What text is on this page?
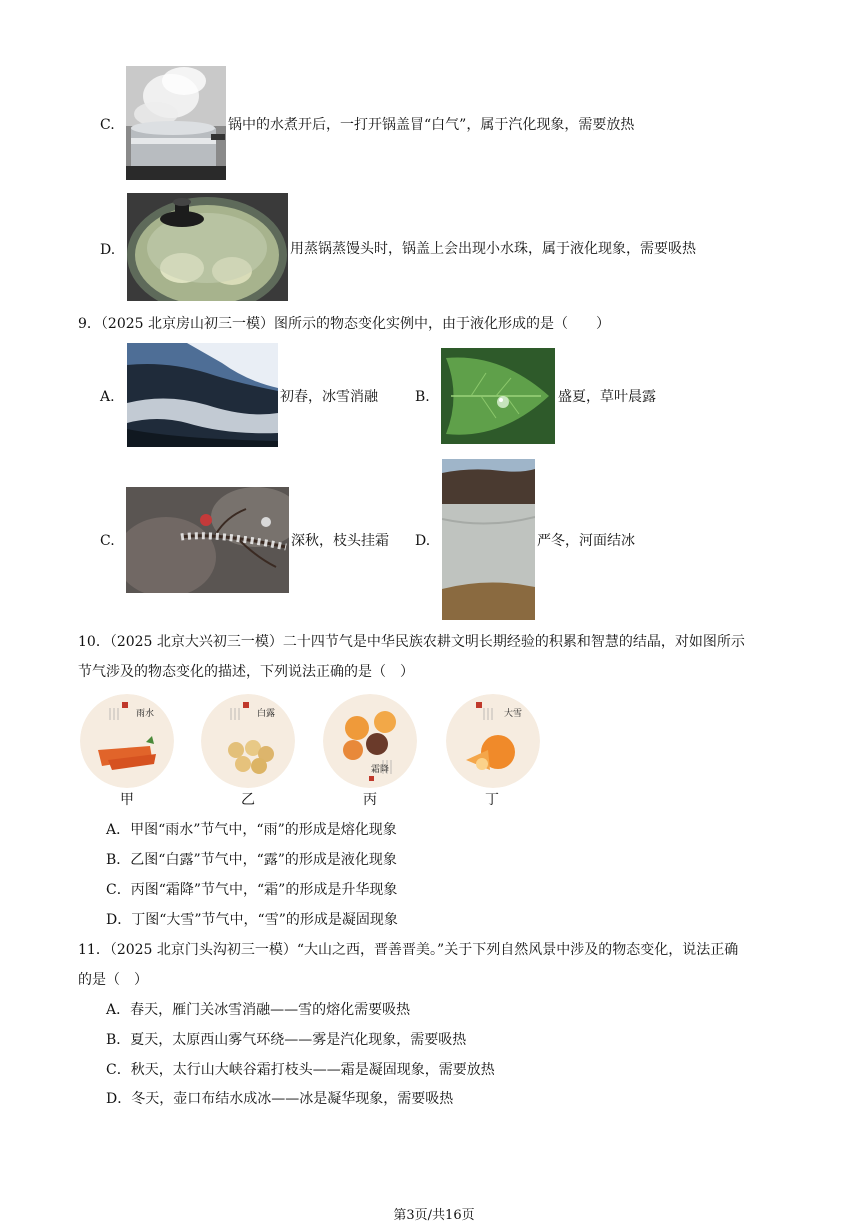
C.	锅中的水煮开后，一打开锅盖冒“白气”，属于汽化现象，需要放热
D.	用蒸锅蒸馒头时，锅盖上会出现小水珠，属于液化现象，需要吸热
9．（2025 北京房山初三一模）图所示的物态变化实例中，由于液化形成的是（　　）
A.	初春，冰雪消融	B.	盛夏，草叶晨露
C.	深秋，枝头挂霜 D.	严冬，河面结冰
10．（2025 北京大兴初三一模）二十四节气是中华民族农耕文明长期经验的积累和智慧的结晶，对如图所示
节气涉及的物态变化的描述，下列说法正确的是（　）
雨水	白露
霜降
大雪
甲	乙	丙	丁
A．甲图“雨水”节气中，“雨”的形成是熔化现象
B．乙图“白露”节气中，“露”的形成是液化现象
C．丙图“霜降”节气中，“霜”的形成是升华现象
D．丁图“大雪”节气中，“雪”的形成是凝固现象
11．（2025 北京门头沟初三一模）“大山之西，晋善晋美。”关于下列自然风景中涉及的物态变化，说法正确
的是（　）
A．春天，雁门关冰雪消融——雪的熔化需要吸热
B．夏天，太原西山雾气环绕——雾是汽化现象，需要吸热
C．秋天，太行山大峡谷霜打枝头——霜是凝固现象，需要放热
D．冬天，壶口布结水成冰——冰是凝华现象，需要吸热
第3页/共16页
